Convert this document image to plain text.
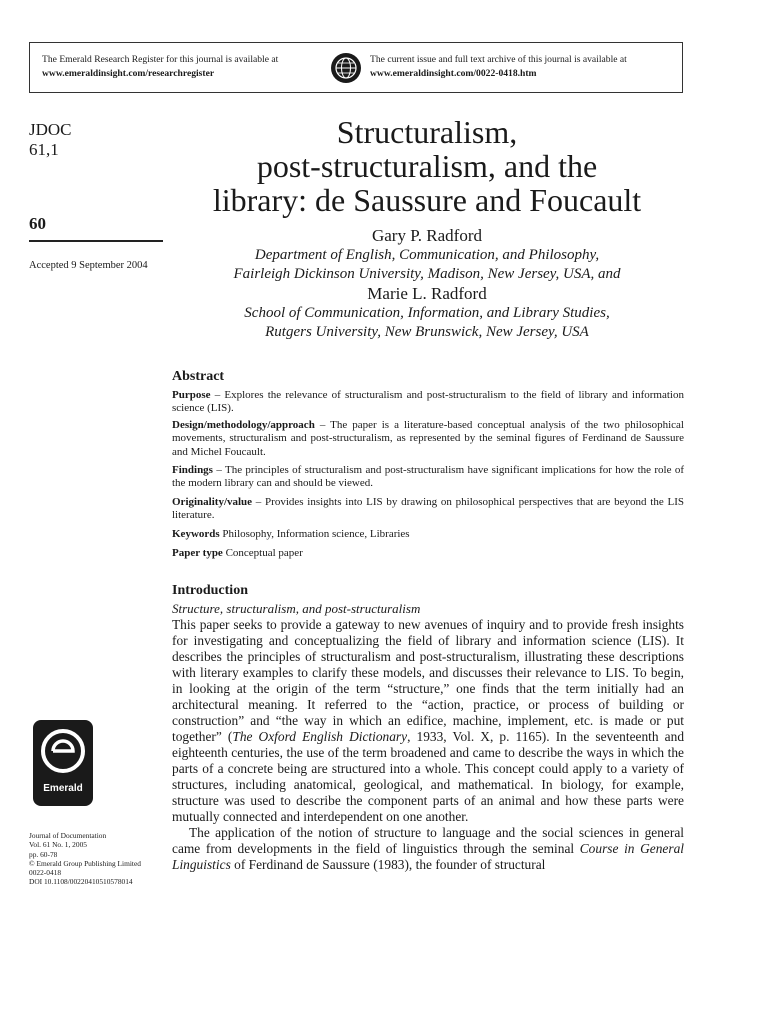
The Emerald Research Register for this journal is available at
www.emeraldinsight.com/researchregister
The current issue and full text archive of this journal is available at
www.emeraldinsight.com/0022-0418.htm
JDOC
61,1
60
Accepted 9 September 2004
Emerald
Journal of Documentation
Vol. 61 No. 1, 2005
pp. 60-78
© Emerald Group Publishing Limited
0022-0418
DOI 10.1108/00220410510578014
Structuralism,
post-structuralism, and the
library: de Saussure and Foucault
Gary P. Radford
Department of English, Communication, and Philosophy,
Fairleigh Dickinson University, Madison, New Jersey, USA, and
Marie L. Radford
School of Communication, Information, and Library Studies,
Rutgers University, New Brunswick, New Jersey, USA
Abstract
Purpose – Explores the relevance of structuralism and post-structuralism to the field of library and information science (LIS).
Design/methodology/approach – The paper is a literature-based conceptual analysis of the two philosophical movements, structuralism and post-structuralism, as represented by the seminal figures of Ferdinand de Saussure and Michel Foucault.
Findings – The principles of structuralism and post-structuralism have significant implications for how the role of the modern library can and should be viewed.
Originality/value – Provides insights into LIS by drawing on philosophical perspectives that are beyond the LIS literature.
Keywords Philosophy, Information science, Libraries
Paper type Conceptual paper
Introduction
Structure, structuralism, and post-structuralism

This paper seeks to provide a gateway to new avenues of inquiry and to provide fresh insights for investigating and conceptualizing the field of library and information science (LIS). It describes the principles of structuralism and post-structuralism, illustrating these descriptions with literary examples to clarify these models, and discusses their relevance to LIS. To begin, in looking at the origin of the term “structure,” one finds that the term initially had an architectural meaning. It referred to the “action, practice, or process of building or construction” and “the way in which an edifice, machine, implement, etc. is made or put together” (The Oxford English Dictionary, 1933, Vol. X, p. 1165). In the seventeenth and eighteenth centuries, the use of the term broadened and came to describe the ways in which the parts of a concrete being are structured into a whole. This concept could apply to a variety of structures, including anatomical, geological, and mathematical. In biology, for example, structure was used to describe the component parts of an animal and how these parts were mutually connected and interdependent on one another.

The application of the notion of structure to language and the social sciences in general came from developments in the field of linguistics through the seminal Course in General Linguistics of Ferdinand de Saussure (1983), the founder of structural
